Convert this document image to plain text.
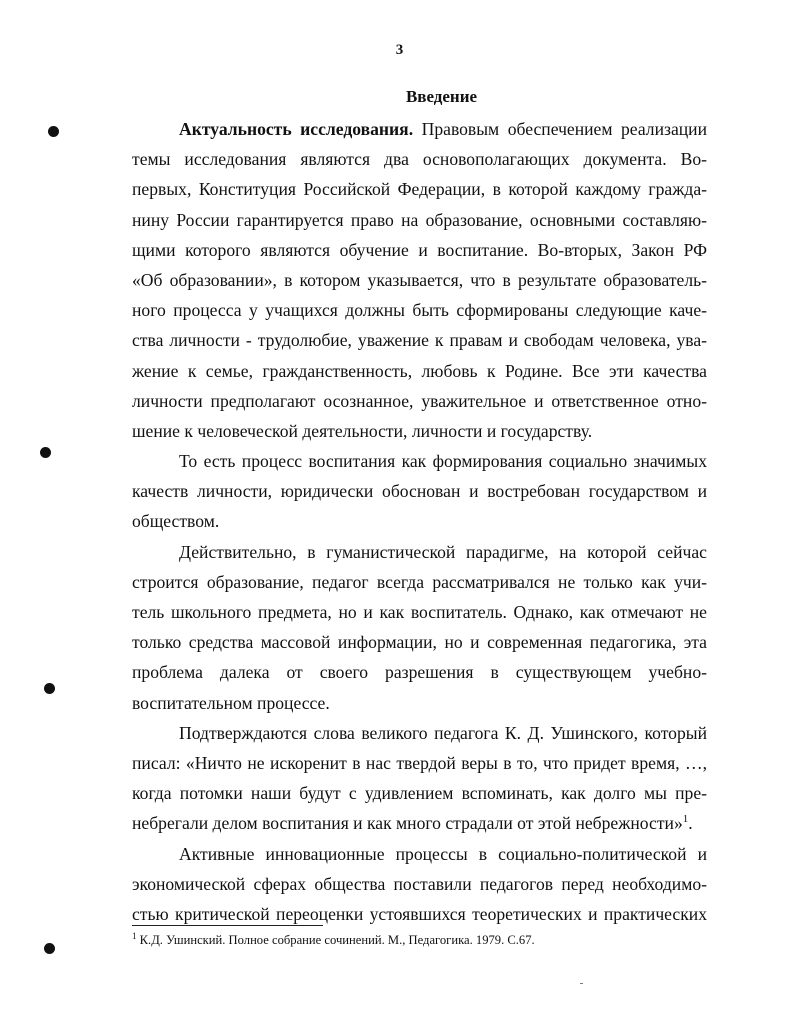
3
Введение
Актуальность исследования. Правовым обеспечением реализации
темы исследования являются два основополагающих документа. Во-
первых, Конституция Российской Федерации, в которой каждому гражда-
нину России гарантируется право на образование, основными составляю-
щими которого являются обучение и воспитание. Во-вторых, Закон РФ
«Об образовании», в котором указывается, что в результате образователь-
ного процесса у учащихся должны быть сформированы следующие каче-
ства личности - трудолюбие, уважение к правам и свободам человека, ува-
жение к семье, гражданственность, любовь к Родине. Все эти качества
личности предполагают осознанное, уважительное и ответственное отно-
шение к человеческой деятельности, личности и государству.
То есть процесс воспитания как формирования социально значимых
качеств личности, юридически обоснован и востребован государством и
обществом.
Действительно, в гуманистической парадигме, на которой сейчас
строится образование, педагог всегда рассматривался не только как учи-
тель школьного предмета, но и как воспитатель. Однако, как отмечают не
только средства массовой информации, но и современная педагогика, эта
проблема далека от своего разрешения в существующем учебно-
воспитательном процессе.
Подтверждаются слова великого педагога К. Д. Ушинского, который
писал: «Ничто не искоренит в нас твердой веры в то, что придет время, …,
когда потомки наши будут с удивлением вспоминать, как долго мы пре-
небрегали делом воспитания и как много страдали от этой небрежности»$^1$.
Активные инновационные процессы в социально-политической и
экономической сферах общества поставили педагогов перед необходимо-
стью критической переоценки устоявшихся теоретических и практических
$^1$ К.Д. Ушинский. Полное собрание сочинений. М., Педагогика. 1979. С.67.
